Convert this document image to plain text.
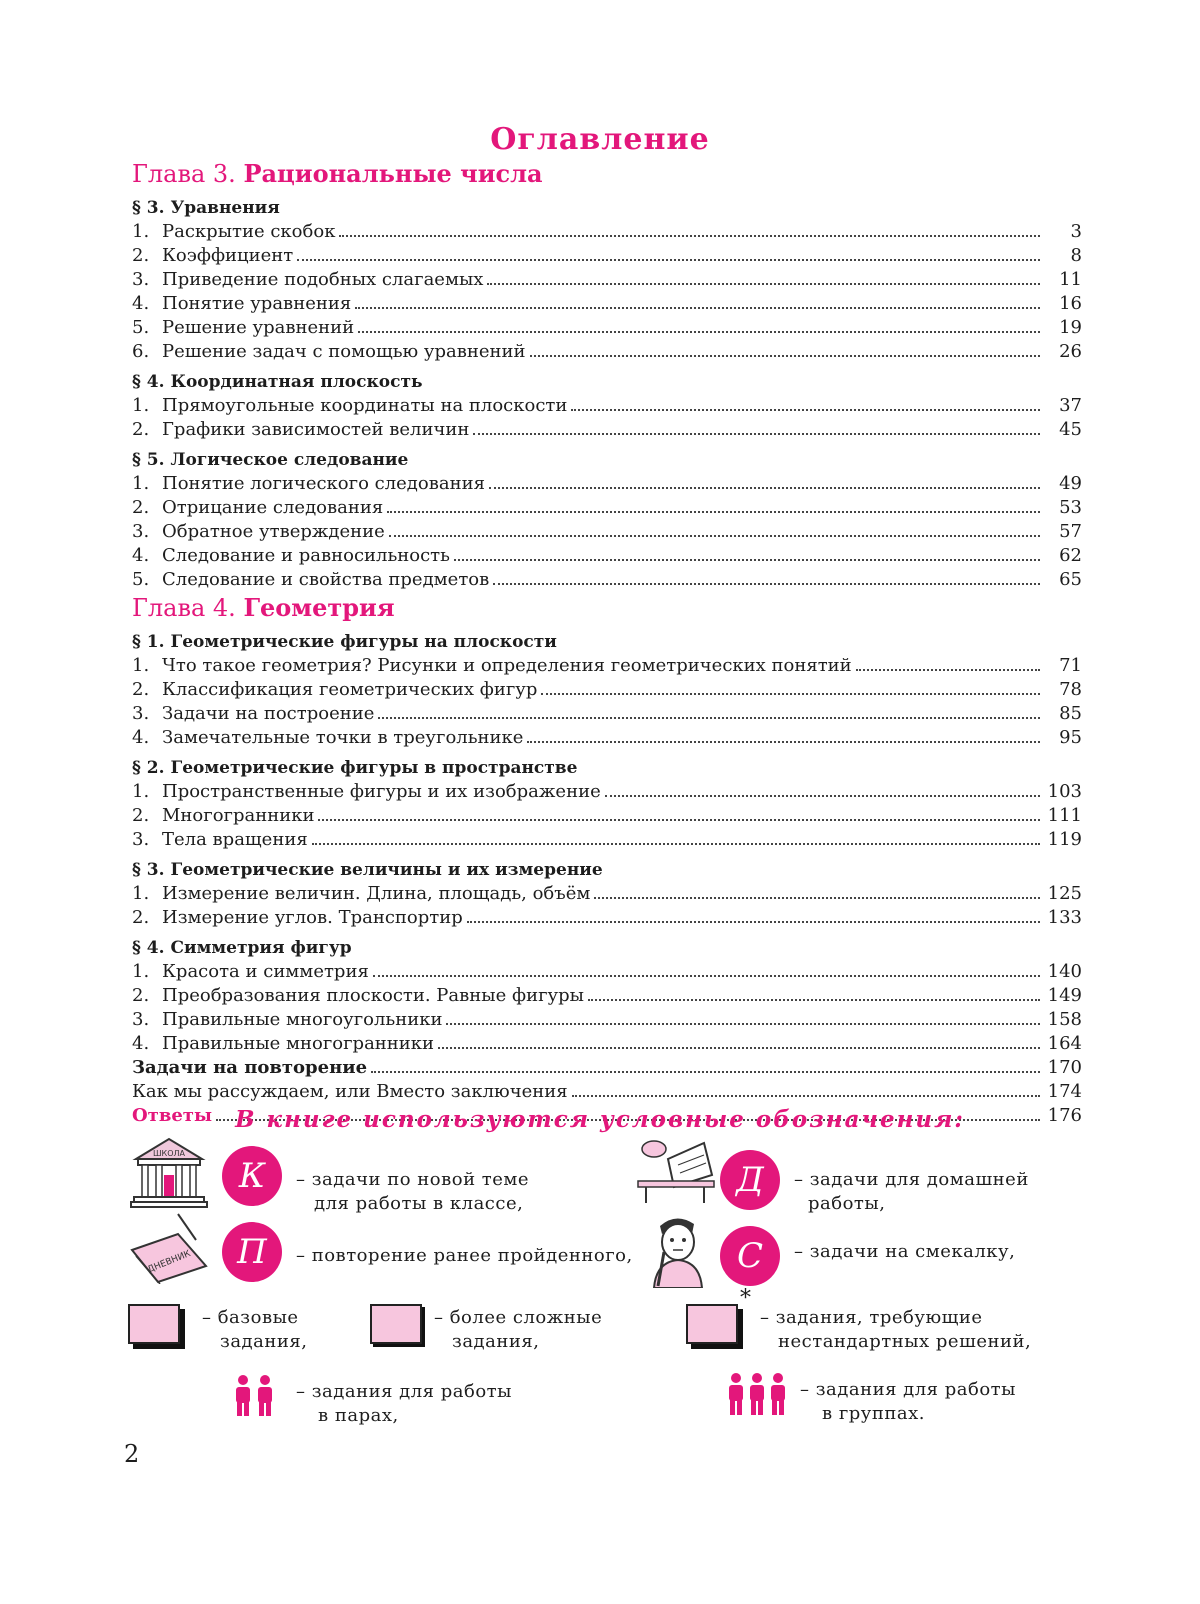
Оглавление
Глава 3. Рациональные числа
§ 3. Уравнения
1. Раскрытие скобок	3
2. Коэффициент	8
3. Приведение подобных слагаемых	11
4. Понятие уравнения	16
5. Решение уравнений	19
6. Решение задач с помощью уравнений	26
§ 4. Координатная плоскость
1. Прямоугольные координаты на плоскости	37
2. Графики зависимостей величин	45
§ 5. Логическое следование
1. Понятие логического следования	49
2. Отрицание следования	53
3. Обратное утверждение	57
4. Следование и равносильность	62
5. Следование и свойства предметов	65
Глава 4. Геометрия
§ 1. Геометрические фигуры на плоскости
1. Что такое геометрия? Рисунки и определения геометрических понятий	71
2. Классификация геометрических фигур	78
3. Задачи на построение	85
4. Замечательные точки в треугольнике	95
§ 2. Геометрические фигуры в пространстве
1. Пространственные фигуры и их изображение	103
2. Многогранники	111
3. Тела вращения	119
§ 3. Геометрические величины и их измерение
1. Измерение величин. Длина, площадь, объём	125
2. Измерение углов. Транспортир	133
§ 4. Симметрия фигур
1. Красота и симметрия	140
2. Преобразования плоскости. Равные фигуры	149
3. Правильные многоугольники	158
4. Правильные многогранники	164
Задачи на повторение	170
Как мы рассуждаем, или Вместо заключения	174
Ответы	176
В книге используются условные обозначения:
ШКОЛА
К	– задачи по новой теме
для работы в классе,
Д	– задачи для домашней
работы,
ДНЕВНИК	П	– повторение ранее пройденного,	С	– задачи на смекалку,
– базовые
задания,
– более сложные
задания,
*
– задания, требующие
нестандартных решений,
– задания для работы
в парах,
– задания для работы
в группах.
2
